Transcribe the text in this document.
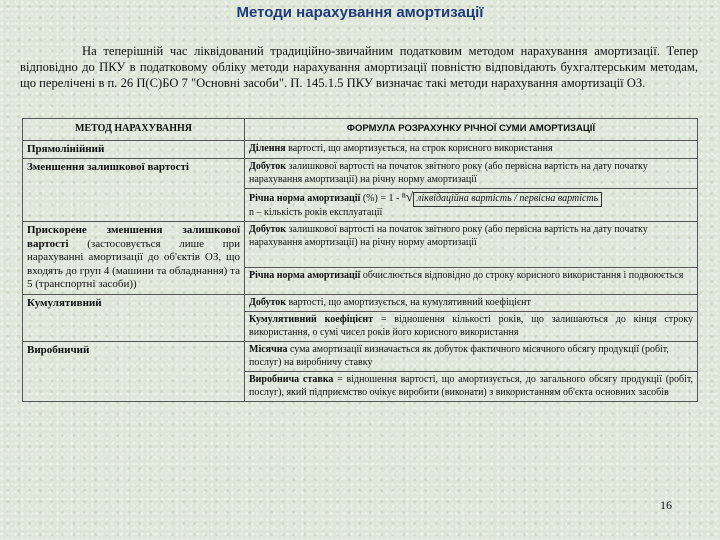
Методи нарахування амортизації

На теперішній час ліквідований традиційно-звичайним податковим методом нарахування амортизації. Тепер відповідно до ПКУ в податковому обліку методи нарахування амортизації повністю відповідають бухгалтерським методам, що перелічені в п. 26 П(С)БО 7 "Основні засоби". П. 145.1.5 ПКУ визначає такі методи нарахування амортизації ОЗ.

МЕТОД НАРАХУВАННЯ	ФОРМУЛА РОЗРАХУНКУ РІЧНОЇ СУМИ АМОРТИЗАЦІЇ
Прямолінійний	Ділення вартості, що амортизується, на строк корисного використання
Зменшення залишкової вартості	Добуток залишкової вартості на початок звітного року (або первісна вартість на дату початку нарахування амортизації) на річну норму амортизації

	Річна норма амортизації (%) = 1 - ⁿ√ ліквідаційна вартість / первісна вартість
n – кількість років експлуатації

Прискорене зменшення залишкової вартості (застосовується лише при нарахуванні амортизації до об'єктів ОЗ, що входять до груп 4 (машини та обладнання) та 5 (транспортні засоби))	Добуток залишкової вартості на початок звітного року (або первісна вартість на дату початку нарахування амортизації) на річну норму амортизації
	Річна норма амортизації обчислюється відповідно до строку корисного використання і подвоюється
Кумулятивний	Добуток вартості, що амортизується, на кумулятивний коефіцієнт
	Кумулятивний коефіцієнт = відношення кількості років, що залишаються до кінця строку використання, о сумі чисел років його корисного використання
Виробничий	Місячна сума амортизації визначається як добуток фактичного місячного обсягу продукції (робіт, послуг) на виробничу ставку
	Виробнича ставка = відношення вартості, що амортизується, до загального обсягу продукції (робіт, послуг), який підприємство очікує виробити (виконати) з використанням об'єкта основних засобів
16
